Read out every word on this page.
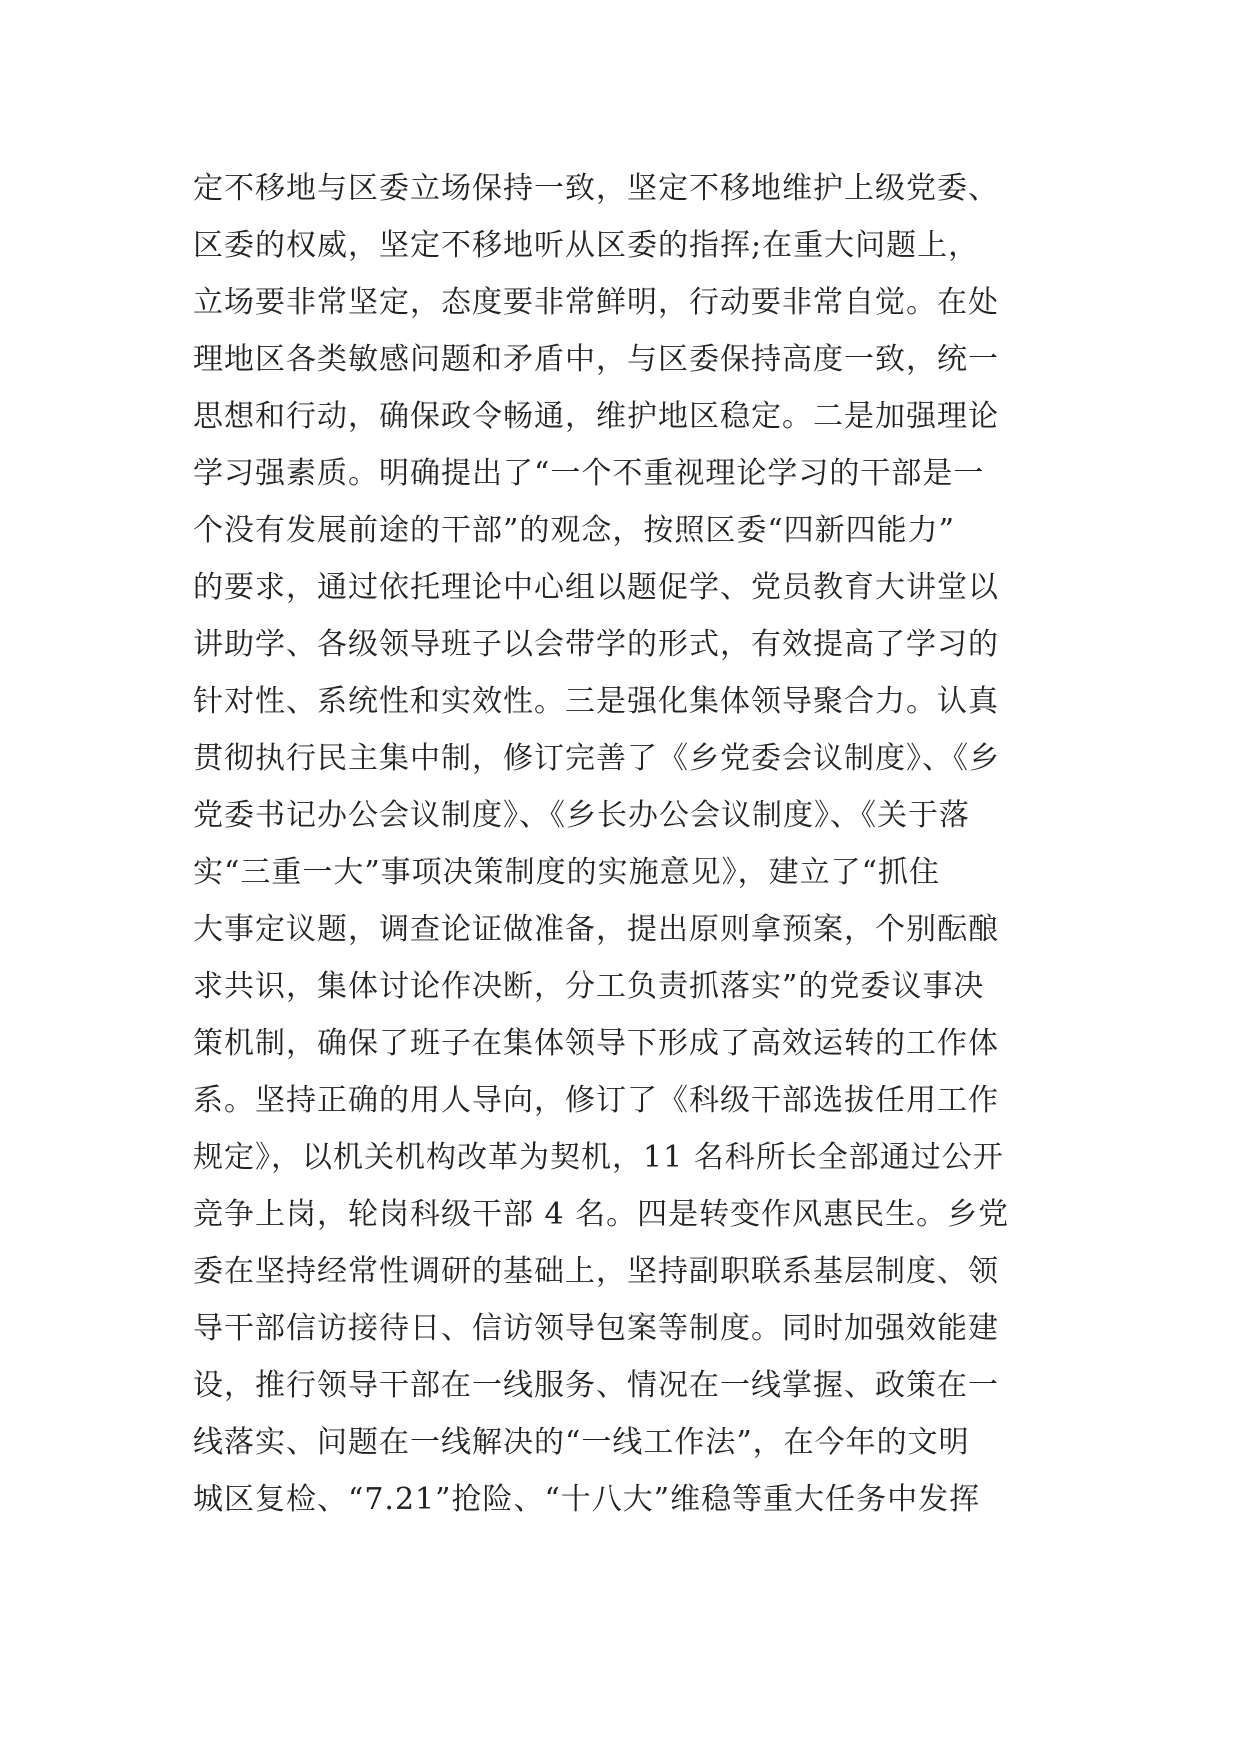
定不移地与区委立场保持一致，坚定不移地维护上级党委、
区委的权威，坚定不移地听从区委的指挥;在重大问题上，
立场要非常坚定，态度要非常鲜明，行动要非常自觉。在处
理地区各类敏感问题和矛盾中，与区委保持高度一致，统一
思想和行动，确保政令畅通，维护地区稳定。二是加强理论
学习强素质。明确提出了“一个不重视理论学习的干部是一
个没有发展前途的干部”的观念，按照区委“四新四能力”
的要求，通过依托理论中心组以题促学、党员教育大讲堂以
讲助学、各级领导班子以会带学的形式，有效提高了学习的
针对性、系统性和实效性。三是强化集体领导聚合力。认真
贯彻执行民主集中制，修订完善了《乡党委会议制度》、《乡
党委书记办公会议制度》、《乡长办公会议制度》、《关于落
实“三重一大”事项决策制度的实施意见》，建立了“抓住
大事定议题，调查论证做准备，提出原则拿预案，个别酝酿
求共识，集体讨论作决断，分工负责抓落实”的党委议事决
策机制，确保了班子在集体领导下形成了高效运转的工作体
系。坚持正确的用人导向，修订了《科级干部选拔任用工作
规定》，以机关机构改革为契机，11 名科所长全部通过公开
竞争上岗，轮岗科级干部 4 名。四是转变作风惠民生。乡党
委在坚持经常性调研的基础上，坚持副职联系基层制度、领
导干部信访接待日、信访领导包案等制度。同时加强效能建
设，推行领导干部在一线服务、情况在一线掌握、政策在一
线落实、问题在一线解决的“一线工作法”，在今年的文明
城区复检、“7.21”抢险、“十八大”维稳等重大任务中发挥
